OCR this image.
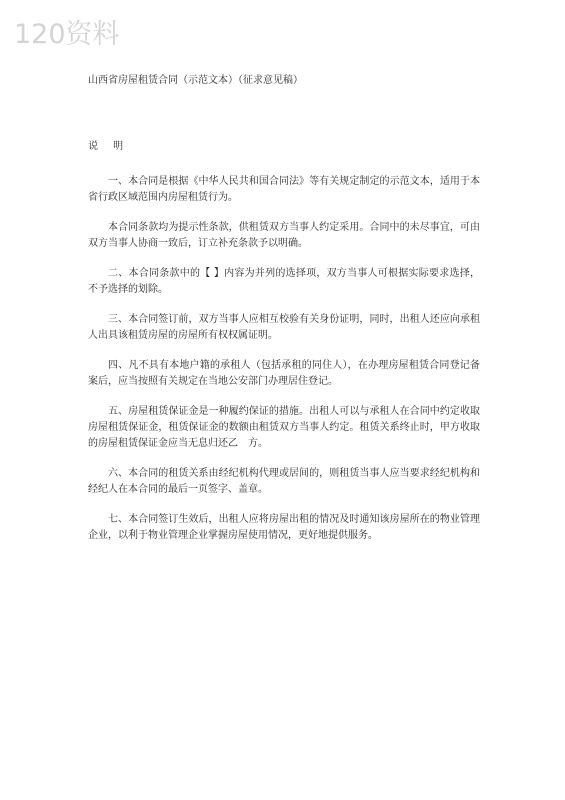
120资料

山西省房屋租赁合同（示范文本）（征求意见稿）

说 明

一、本合同是根据《中华人民共和国合同法》等有关规定制定的示范文本，适用于本省行政区域范围内房屋租赁行为。

本合同条款均为提示性条款，供租赁双方当事人约定采用。合同中的未尽事宜，可由双方当事人协商一致后，订立补充条款予以明确。

二、本合同条款中的【 】内容为并列的选择项，双方当事人可根据实际要求选择，不予选择的划除。

三、本合同签订前，双方当事人应相互校验有关身份证明，同时，出租人还应向承租人出具该租赁房屋的房屋所有权权属证明。

四、凡不具有本地户籍的承租人（包括承租的同住人），在办理房屋租赁合同登记备案后，应当按照有关规定在当地公安部门办理居住登记。

五、房屋租赁保证金是一种履约保证的措施。出租人可以与承租人在合同中约定收取房屋租赁保证金，租赁保证金的数额由租赁双方当事人约定。租赁关系终止时，甲方收取的房屋租赁保证金应当无息归还乙　方。

六、本合同的租赁关系由经纪机构代理或居间的，则租赁当事人应当要求经纪机构和经纪人在本合同的最后一页签字、盖章。

七、本合同签订生效后，出租人应将房屋出租的情况及时通知该房屋所在的物业管理企业，以利于物业管理企业掌握房屋使用情况，更好地提供服务。
